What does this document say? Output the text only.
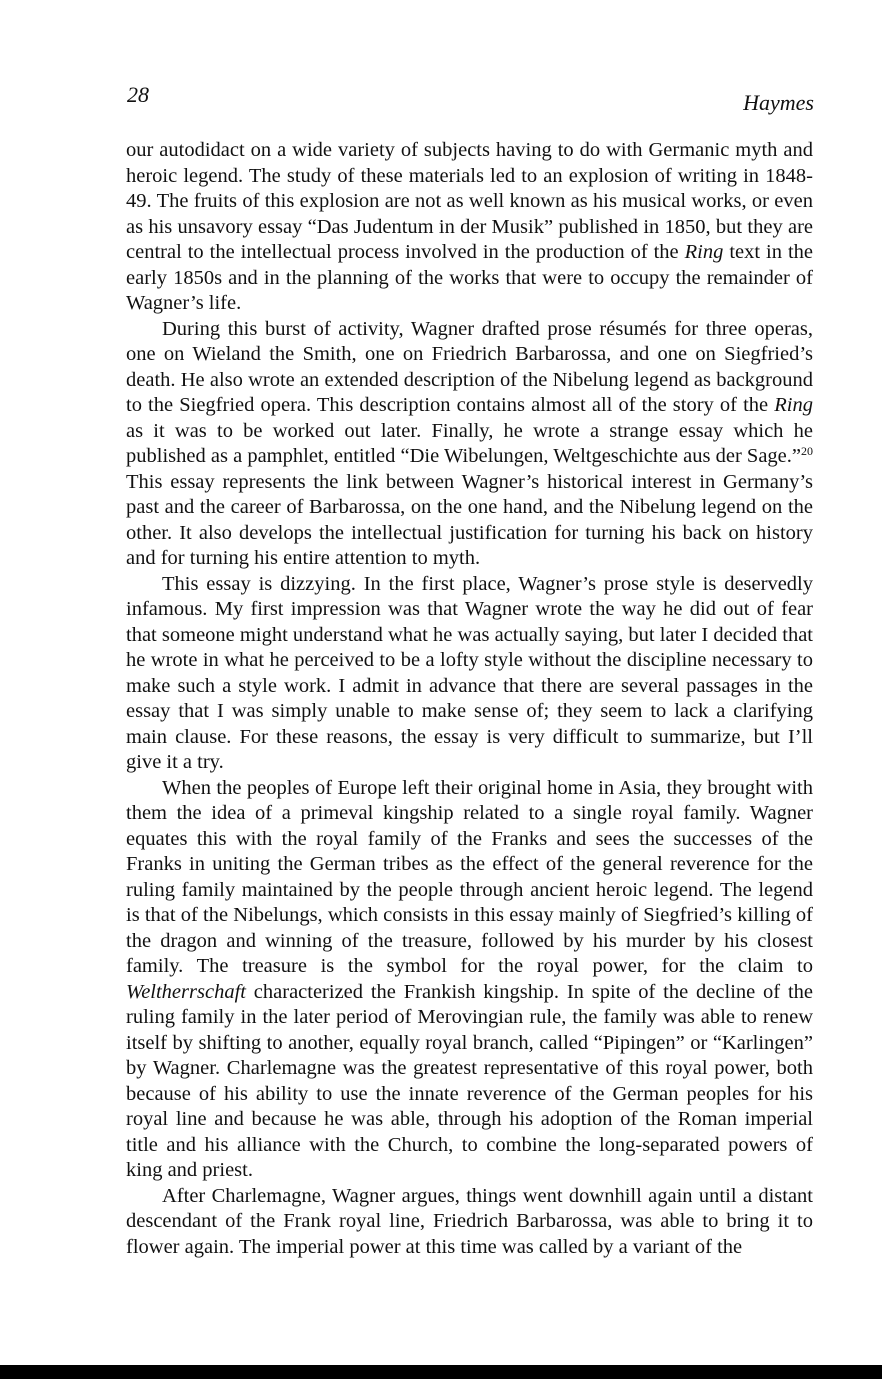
28	Haymes

our autodidact on a wide variety of subjects having to do with Germanic myth and heroic legend. The study of these materials led to an explosion of writing in 1848-49. The fruits of this explosion are not as well known as his musical works, or even as his unsavory essay “Das Judentum in der Musik” published in 1850, but they are central to the intellectual process involved in the production of the Ring text in the early 1850s and in the planning of the works that were to occupy the remainder of Wagner’s life.

During this burst of activity, Wagner drafted prose résumés for three operas, one on Wieland the Smith, one on Friedrich Barbarossa, and one on Siegfried’s death. He also wrote an extended description of the Nibelung legend as background to the Siegfried opera. This description contains almost all of the story of the Ring as it was to be worked out later. Finally, he wrote a strange essay which he published as a pamphlet, entitled “Die Wibelungen, Weltgeschichte aus der Sage.”$^{20}$ This essay represents the link between Wagner’s historical interest in Germany’s past and the career of Barbarossa, on the one hand, and the Nibelung legend on the other. It also develops the intellectual justification for turning his back on history and for turning his entire attention to myth.

This essay is dizzying. In the first place, Wagner’s prose style is deservedly infamous. My first impression was that Wagner wrote the way he did out of fear that someone might understand what he was actually saying, but later I decided that he wrote in what he perceived to be a lofty style without the discipline necessary to make such a style work. I admit in advance that there are several passages in the essay that I was simply unable to make sense of; they seem to lack a clarifying main clause. For these reasons, the essay is very difficult to summarize, but I’ll give it a try.

When the peoples of Europe left their original home in Asia, they brought with them the idea of a primeval kingship related to a single royal family. Wagner equates this with the royal family of the Franks and sees the successes of the Franks in uniting the German tribes as the effect of the general reverence for the ruling family maintained by the people through ancient heroic legend. The legend is that of the Nibelungs, which consists in this essay mainly of Siegfried’s killing of the dragon and winning of the treasure, followed by his murder by his closest family. The treasure is the symbol for the royal power, for the claim to Weltherrschaft characterized the Frankish kingship. In spite of the decline of the ruling family in the later period of Merovingian rule, the family was able to renew itself by shifting to another, equally royal branch, called “Pipingen” or “Karlingen” by Wagner. Charlemagne was the greatest representative of this royal power, both because of his ability to use the innate reverence of the German peoples for his royal line and because he was able, through his adoption of the Roman imperial title and his alliance with the Church, to combine the long-separated powers of king and priest.

After Charlemagne, Wagner argues, things went downhill again until a distant descendant of the Frank royal line, Friedrich Barbarossa, was able to bring it to flower again. The imperial power at this time was called by a variant of the
